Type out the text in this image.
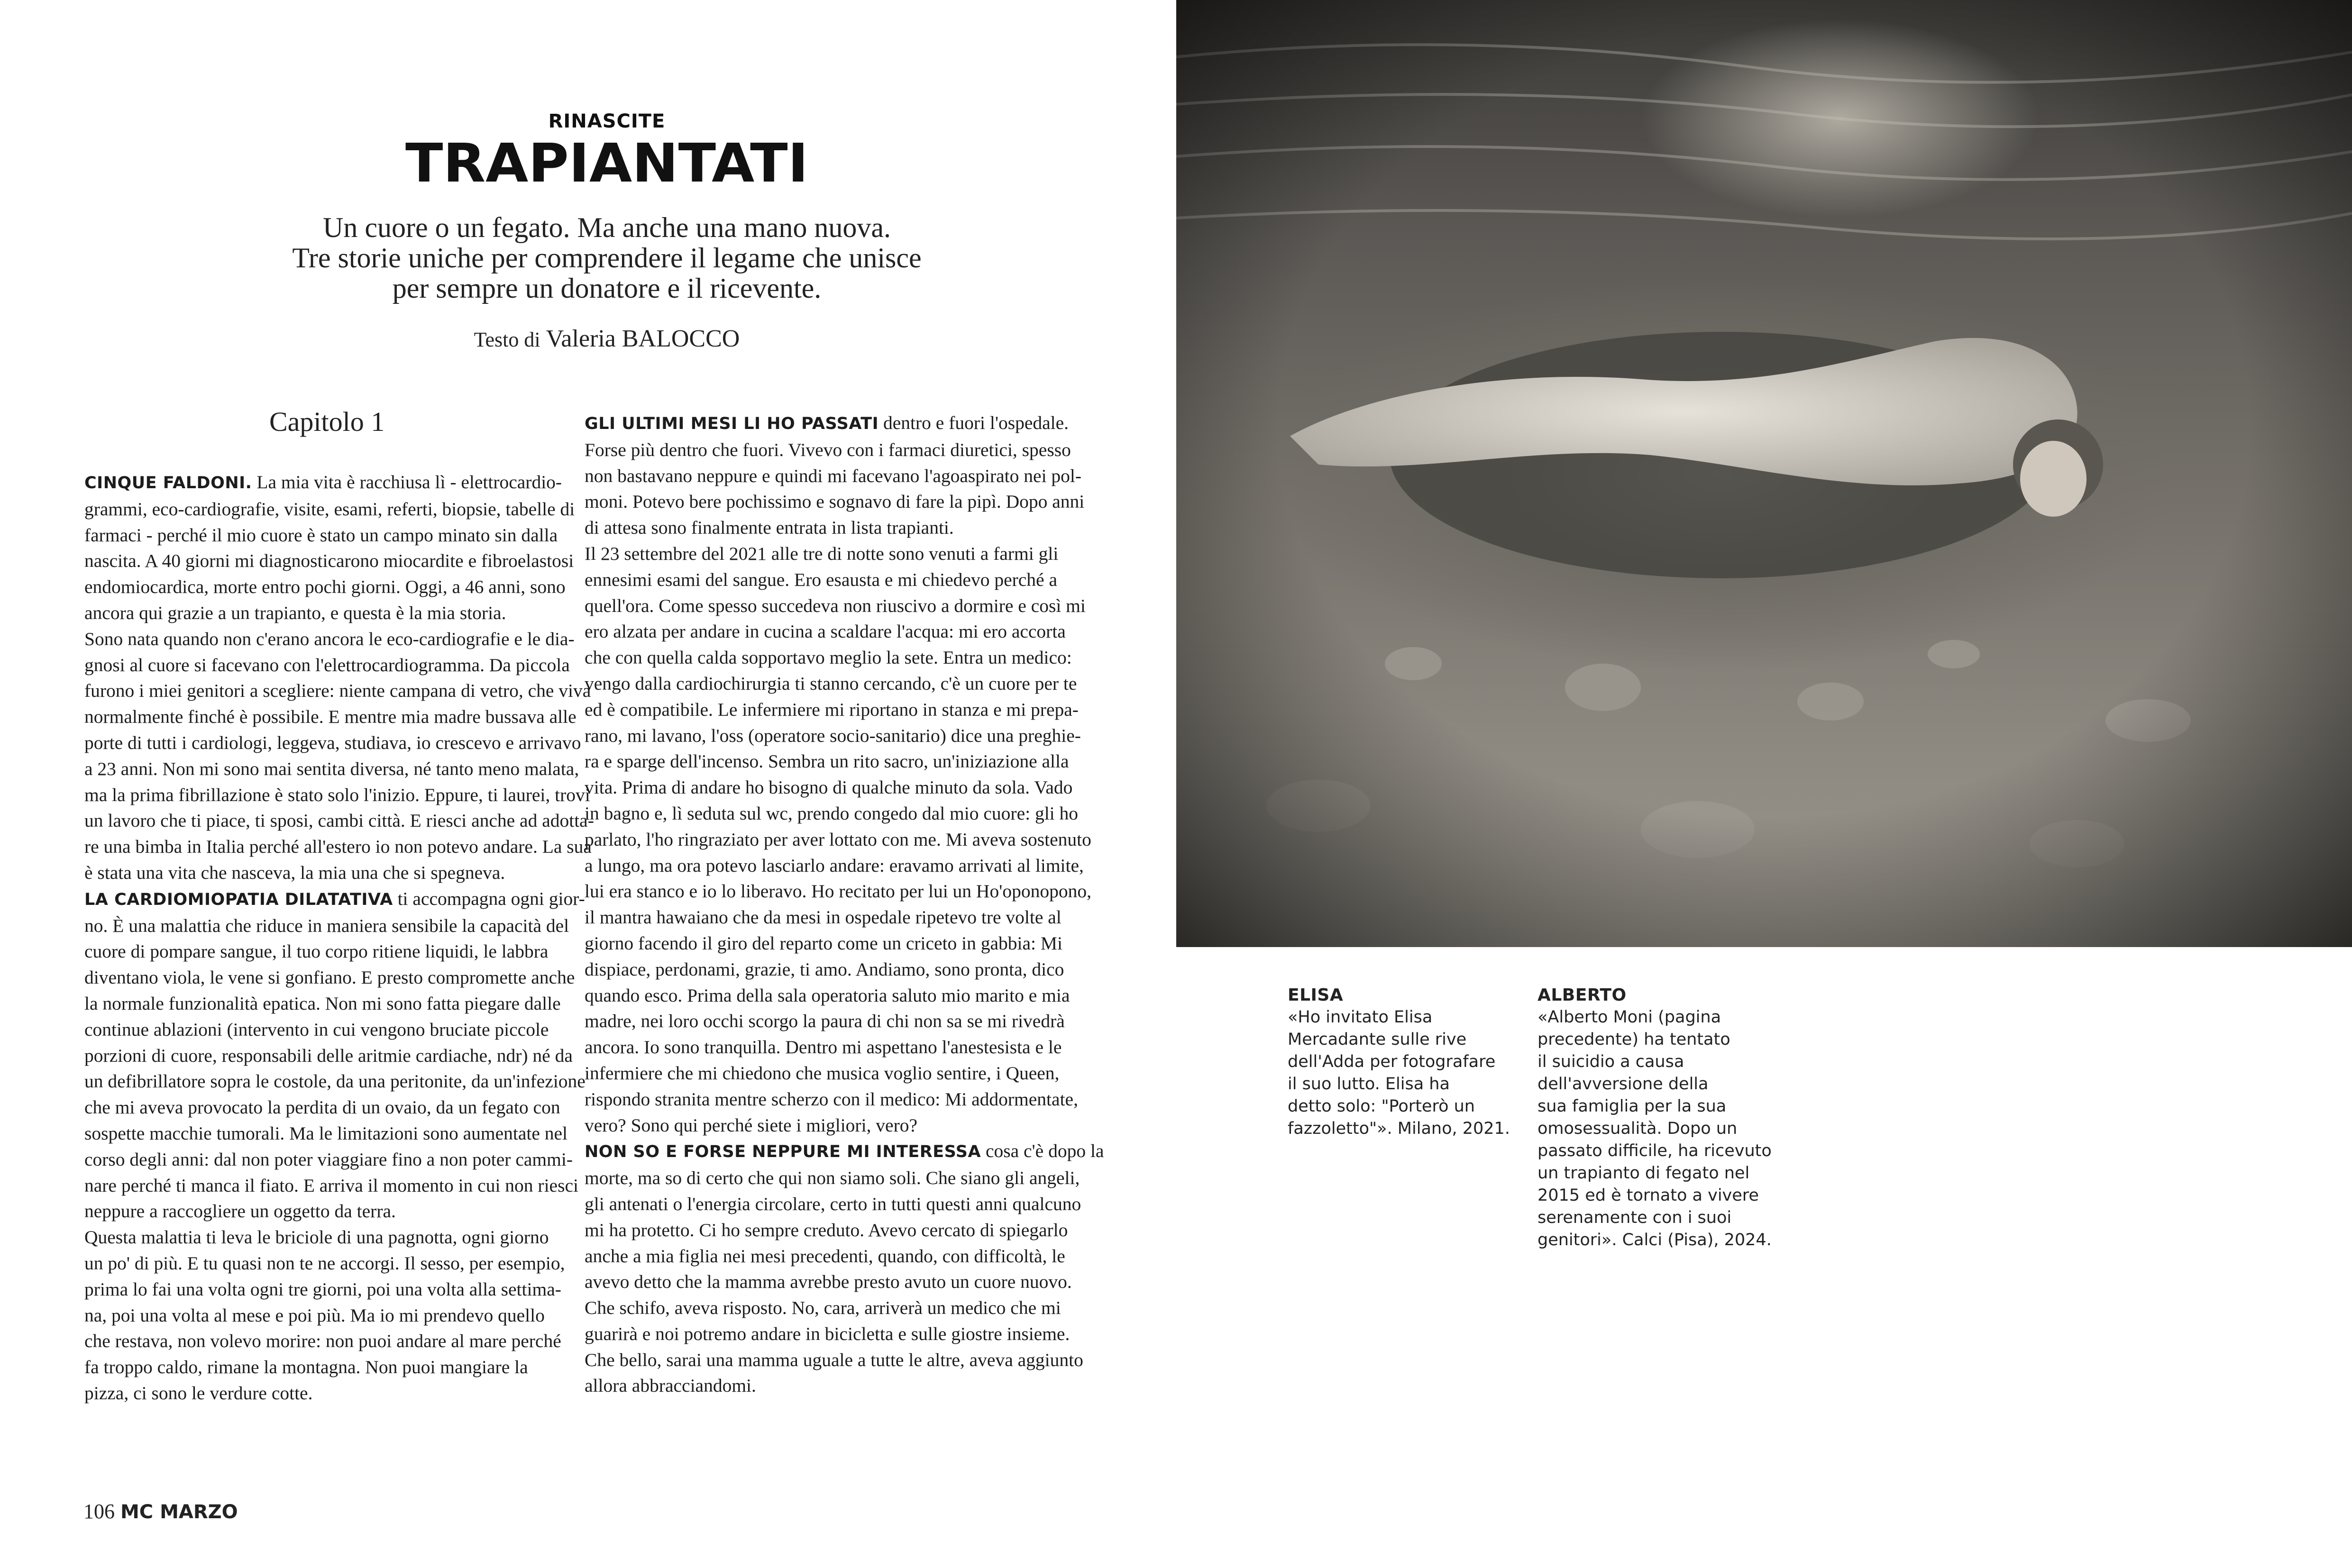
RINASCITE
TRAPIANTATI
Un cuore o un fegato. Ma anche una mano nuova.
Tre storie uniche per comprendere il legame che unisce
per sempre un donatore e il ricevente.
Testo di Valeria BALOCCO
Capitolo 1
CINQUE FALDONI. La mia vita è racchiusa lì - elettrocardio-
grammi, eco-cardiografie, visite, esami, referti, biopsie, tabelle di
farmaci - perché il mio cuore è stato un campo minato sin dalla
nascita. A 40 giorni mi diagnosticarono miocardite e fibroelastosi
endomiocardica, morte entro pochi giorni. Oggi, a 46 anni, sono
ancora qui grazie a un trapianto, e questa è la mia storia.
Sono nata quando non c'erano ancora le eco-cardiografie e le dia-
gnosi al cuore si facevano con l'elettrocardiogramma. Da piccola
furono i miei genitori a scegliere: niente campana di vetro, che viva
normalmente finché è possibile. E mentre mia madre bussava alle
porte di tutti i cardiologi, leggeva, studiava, io crescevo e arrivavo
a 23 anni. Non mi sono mai sentita diversa, né tanto meno malata,
ma la prima fibrillazione è stato solo l'inizio. Eppure, ti laurei, trovi
un lavoro che ti piace, ti sposi, cambi città. E riesci anche ad adotta-
re una bimba in Italia perché all'estero io non potevo andare. La sua
è stata una vita che nasceva, la mia una che si spegneva.
LA CARDIOMIOPATIA DILATATIVA ti accompagna ogni gior-
no. È una malattia che riduce in maniera sensibile la capacità del
cuore di pompare sangue, il tuo corpo ritiene liquidi, le labbra
diventano viola, le vene si gonfiano. E presto compromette anche
la normale funzionalità epatica. Non mi sono fatta piegare dalle
continue ablazioni (intervento in cui vengono bruciate piccole
porzioni di cuore, responsabili delle aritmie cardiache, ndr) né da
un defibrillatore sopra le costole, da una peritonite, da un'infezione
che mi aveva provocato la perdita di un ovaio, da un fegato con
sospette macchie tumorali. Ma le limitazioni sono aumentate nel
corso degli anni: dal non poter viaggiare fino a non poter cammi-
nare perché ti manca il fiato. E arriva il momento in cui non riesci
neppure a raccogliere un oggetto da terra.
Questa malattia ti leva le briciole di una pagnotta, ogni giorno
un po' di più. E tu quasi non te ne accorgi. Il sesso, per esempio,
prima lo fai una volta ogni tre giorni, poi una volta alla settima-
na, poi una volta al mese e poi più. Ma io mi prendevo quello
che restava, non volevo morire: non puoi andare al mare perché
fa troppo caldo, rimane la montagna. Non puoi mangiare la
pizza, ci sono le verdure cotte.
GLI ULTIMI MESI LI HO PASSATI dentro e fuori l'ospedale.
Forse più dentro che fuori. Vivevo con i farmaci diuretici, spesso
non bastavano neppure e quindi mi facevano l'agoaspirato nei pol-
moni. Potevo bere pochissimo e sognavo di fare la pipì. Dopo anni
di attesa sono finalmente entrata in lista trapianti.
Il 23 settembre del 2021 alle tre di notte sono venuti a farmi gli
ennesimi esami del sangue. Ero esausta e mi chiedevo perché a
quell'ora. Come spesso succedeva non riuscivo a dormire e così mi
ero alzata per andare in cucina a scaldare l'acqua: mi ero accorta
che con quella calda sopportavo meglio la sete. Entra un medico:
vengo dalla cardiochirurgia ti stanno cercando, c'è un cuore per te
ed è compatibile. Le infermiere mi riportano in stanza e mi prepa-
rano, mi lavano, l'oss (operatore socio-sanitario) dice una preghie-
ra e sparge dell'incenso. Sembra un rito sacro, un'iniziazione alla
vita. Prima di andare ho bisogno di qualche minuto da sola. Vado
in bagno e, lì seduta sul wc, prendo congedo dal mio cuore: gli ho
parlato, l'ho ringraziato per aver lottato con me. Mi aveva sostenuto
a lungo, ma ora potevo lasciarlo andare: eravamo arrivati al limite,
lui era stanco e io lo liberavo. Ho recitato per lui un Ho'oponopono,
il mantra hawaiano che da mesi in ospedale ripetevo tre volte al
giorno facendo il giro del reparto come un criceto in gabbia: Mi
dispiace, perdonami, grazie, ti amo. Andiamo, sono pronta, dico
quando esco. Prima della sala operatoria saluto mio marito e mia
madre, nei loro occhi scorgo la paura di chi non sa se mi rivedrà
ancora. Io sono tranquilla. Dentro mi aspettano l'anestesista e le
infermiere che mi chiedono che musica voglio sentire, i Queen,
rispondo stranita mentre scherzo con il medico: Mi addormentate,
vero? Sono qui perché siete i migliori, vero?
NON SO E FORSE NEPPURE MI INTERESSA cosa c'è dopo la
morte, ma so di certo che qui non siamo soli. Che siano gli angeli,
gli antenati o l'energia circolare, certo in tutti questi anni qualcuno
mi ha protetto. Ci ho sempre creduto. Avevo cercato di spiegarlo
anche a mia figlia nei mesi precedenti, quando, con difficoltà, le
avevo detto che la mamma avrebbe presto avuto un cuore nuovo.
Che schifo, aveva risposto. No, cara, arriverà un medico che mi
guarirà e noi potremo andare in bicicletta e sulle giostre insieme.
Che bello, sarai una mamma uguale a tutte le altre, aveva aggiunto
allora abbracciandomi.
ELISA
«Ho invitato Elisa
Mercadante sulle rive
dell'Adda per fotografare
il suo lutto. Elisa ha
detto solo: "Porterò un
fazzoletto"». Milano, 2021.
ALBERTO
«Alberto Moni (pagina
precedente) ha tentato
il suicidio a causa
dell'avversione della
sua famiglia per la sua
omosessualità. Dopo un
passato difficile, ha ricevuto
un trapianto di fegato nel
2015 ed è tornato a vivere
serenamente con i suoi
genitori». Calci (Pisa), 2024.
106 MC MARZO
